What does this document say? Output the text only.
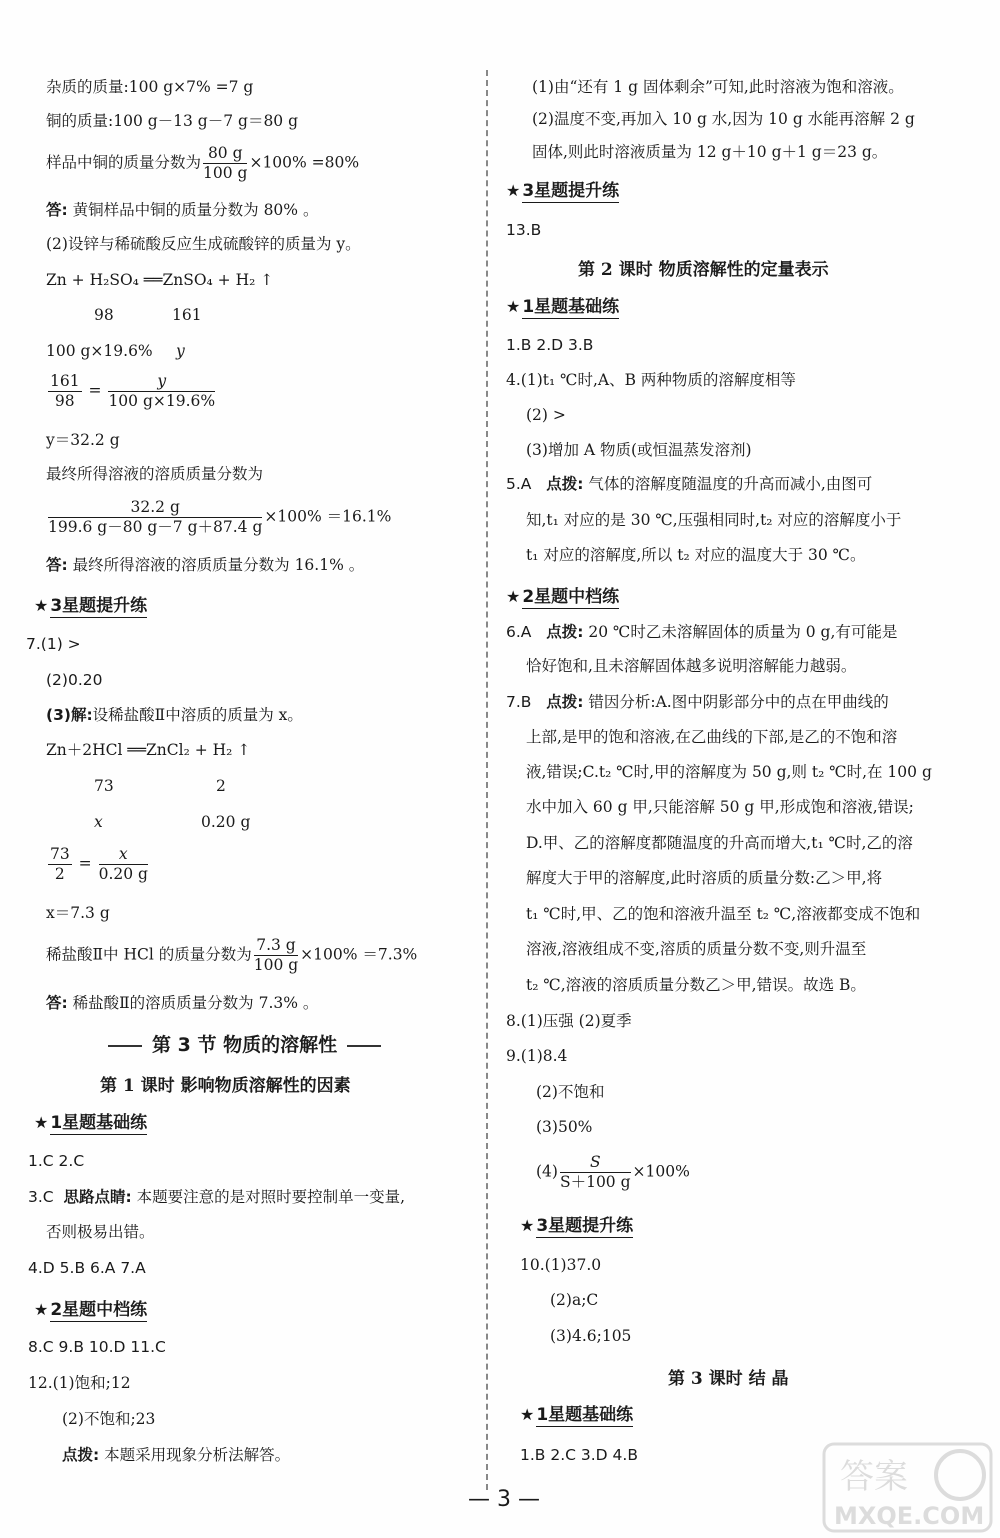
杂质的质量:100 g×7% =7 g
铜的质量:100 g－13 g－7 g＝80 g
样品中铜的质量分数为 $\frac{80 g}{100 g} \times 100\% =80\%$
答: 黄铜样品中铜的质量分数为 80% 。
(2)设锌与稀硫酸反应生成硫酸锌的质量为 y。
Zn + H₂SO₄ ══ZnSO₄ + H₂ ↑
98	161
100 g×19.6% y
$\frac{161}{98} = \frac{y}{100 g\times 19.6\%}$
y＝32.2 g
最终所得溶液的溶质质量分数为
$\frac{32.2 g}{199.6 g-80 g-7 g+87.4 g} \times 100\% =16.1\%$
答: 最终所得溶液的溶质质量分数为 16.1% 。
★ 3星题提升练
7.(1) >
(2)0.20
(3)解:设稀盐酸Ⅱ中溶质的质量为 x。
Zn＋2HCl ══ZnCl₂ + H₂ ↑
73	2
x	0.20 g
$\frac{73}{2} = \frac{x}{0.20 g}$
x＝7.3 g
稀盐酸Ⅱ中 HCl 的质量分数为 $\frac{7.3 g}{100 g} \times 100\% =7.3\%$
答: 稀盐酸Ⅱ的溶质质量分数为 7.3% 。
第 3 节 物质的溶解性
第 1 课时 影响物质溶解性的因素
★ 1星题基础练
1.C 2.C
3.C 思路点睛: 本题要注意的是对照时要控制单一变量,
否则极易出错。
4.D 5.B 6.A 7.A
★ 2星题中档练
8.C 9.B 10.D 11.C
12.(1)饱和;12
(2)不饱和;23
点拨: 本题采用现象分析法解答。
(1)由“还有 1 g 固体剩余”可知,此时溶液为饱和溶液。
(2)温度不变,再加入 10 g 水,因为 10 g 水能再溶解 2 g
固体,则此时溶液质量为 12 g＋10 g＋1 g＝23 g。
★ 3星题提升练
13.B
第 2 课时 物质溶解性的定量表示
★ 1星题基础练
1.B 2.D 3.B
4.(1)t₁ ℃时,A、B 两种物质的溶解度相等
(2) >
(3)增加 A 物质(或恒温蒸发溶剂)
5.A 点拨: 气体的溶解度随温度的升高而减小,由图可
知,t₁ 对应的是 30 ℃,压强相同时,t₂ 对应的溶解度小于
t₁ 对应的溶解度,所以 t₂ 对应的温度大于 30 ℃。
★ 2星题中档练
6.A 点拨: 20 ℃时乙未溶解固体的质量为 0 g,有可能是
恰好饱和,且未溶解固体越多说明溶解能力越弱。
7.B 点拨: 错因分析:A.图中阴影部分中的点在甲曲线的
上部,是甲的饱和溶液,在乙曲线的下部,是乙的不饱和溶
液,错误;C.t₂ ℃时,甲的溶解度为 50 g,则 t₂ ℃时,在 100 g
水中加入 60 g 甲,只能溶解 50 g 甲,形成饱和溶液,错误;
D.甲、乙的溶解度都随温度的升高而增大,t₁ ℃时,乙的溶
解度大于甲的溶解度,此时溶质的质量分数:乙＞甲,将
t₁ ℃时,甲、乙的饱和溶液升温至 t₂ ℃,溶液都变成不饱和
溶液,溶液组成不变,溶质的质量分数不变,则升温至
t₂ ℃,溶液的溶质质量分数乙＞甲,错误。故选 B。
8.(1)压强 (2)夏季
9.(1)8.4
(2)不饱和
(3)50%
$(4) \frac{S}{S+100 g} \times 100\%$
★ 3星题提升练
10.(1)37.0
(2)a;C
(3)4.6;105
第 3 课时 结 晶
★ 1星题基础练
1.B 2.C 3.D 4.B
— 3 —
答案
MXQE.COM
